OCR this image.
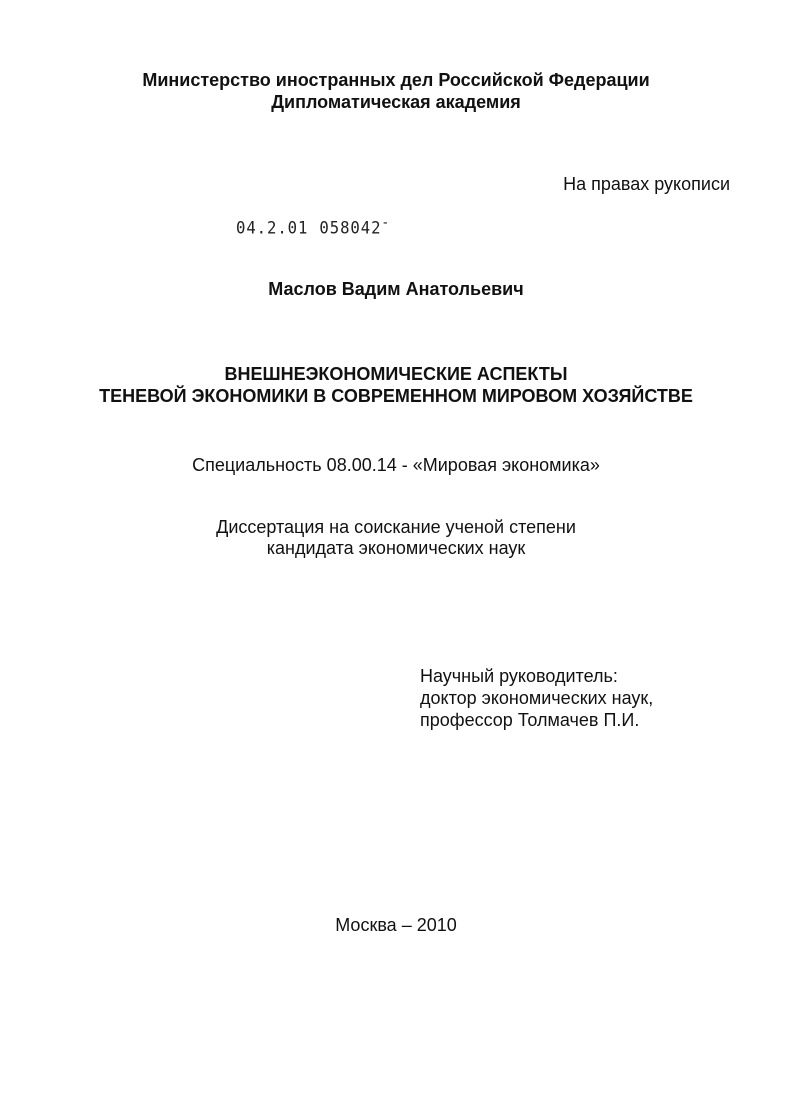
Министерство иностранных дел Российской Федерации
Дипломатическая академия
На правах рукописи
04.2.01 058042-
Маслов Вадим Анатольевич
ВНЕШНЕЭКОНОМИЧЕСКИЕ АСПЕКТЫ
ТЕНЕВОЙ ЭКОНОМИКИ В СОВРЕМЕННОМ МИРОВОМ ХОЗЯЙСТВЕ
Специальность 08.00.14 - «Мировая экономика»
Диссертация на соискание ученой степени
кандидата экономических наук
Научный руководитель:
доктор экономических наук,
профессор Толмачев П.И.
Москва – 2010
